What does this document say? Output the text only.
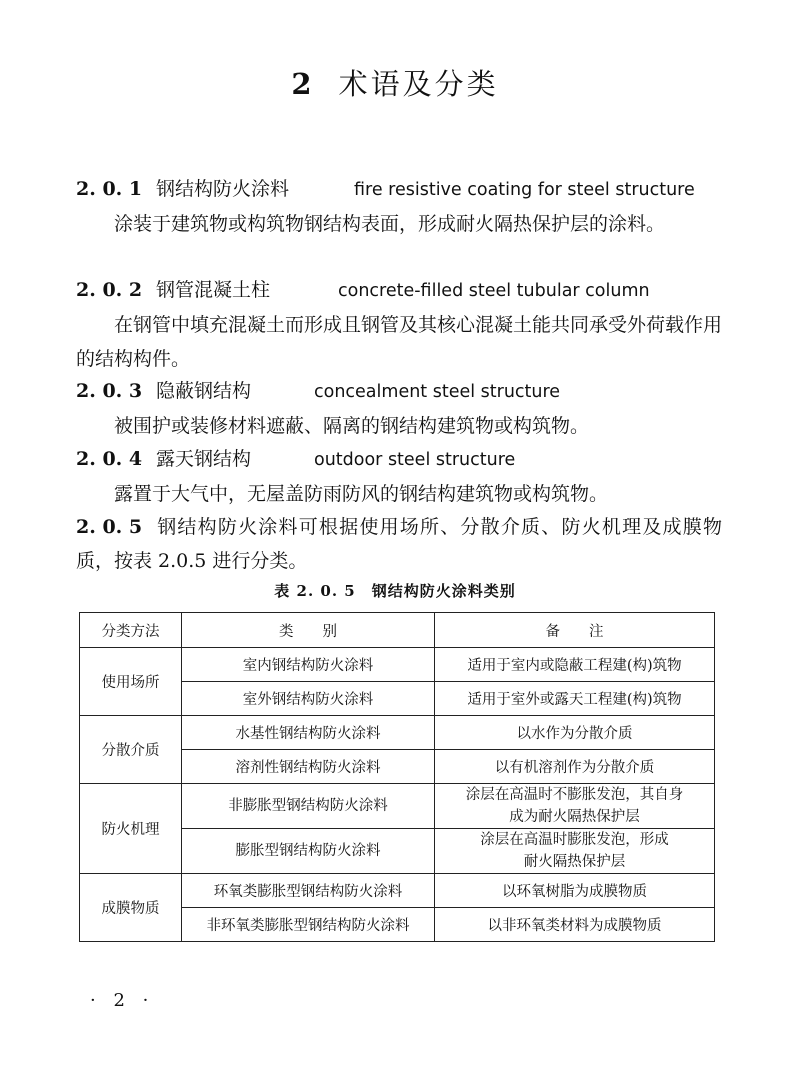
2 术语及分类
2. 0. 1 钢结构防火涂料	fire resistive coating for steel structure
涂装于建筑物或构筑物钢结构表面，形成耐火隔热保护层的涂料。
2. 0. 2 钢管混凝土柱	concrete-filled steel tubular column
在钢管中填充混凝土而形成且钢管及其核心混凝土能共同承受外荷载作用的结构构件。
2. 0. 3 隐蔽钢结构	concealment steel structure
被围护或装修材料遮蔽、隔离的钢结构建筑物或构筑物。
2. 0. 4 露天钢结构	outdoor steel structure
露置于大气中，无屋盖防雨防风的钢结构建筑物或构筑物。
2. 0. 5 钢结构防火涂料可根据使用场所、分散介质、防火机理及成膜物质，按表 2.0.5 进行分类。
表 2. 0. 5　钢结构防火涂料类别
分类方法	类　　别	备　　注
使用场所	室内钢结构防火涂料	适用于室内或隐蔽工程建(构)筑物
	室外钢结构防火涂料	适用于室外或露天工程建(构)筑物
分散介质	水基性钢结构防火涂料	以水作为分散介质
	溶剂性钢结构防火涂料	以有机溶剂作为分散介质
防火机理	非膨胀型钢结构防火涂料	涂层在高温时不膨胀发泡，其自身
成为耐火隔热保护层

	膨胀型钢结构防火涂料	涂层在高温时膨胀发泡，形成
耐火隔热保护层

成膜物质	环氧类膨胀型钢结构防火涂料	以环氧树脂为成膜物质
	非环氧类膨胀型钢结构防火涂料	以非环氧类材料为成膜物质
· 2 ·
